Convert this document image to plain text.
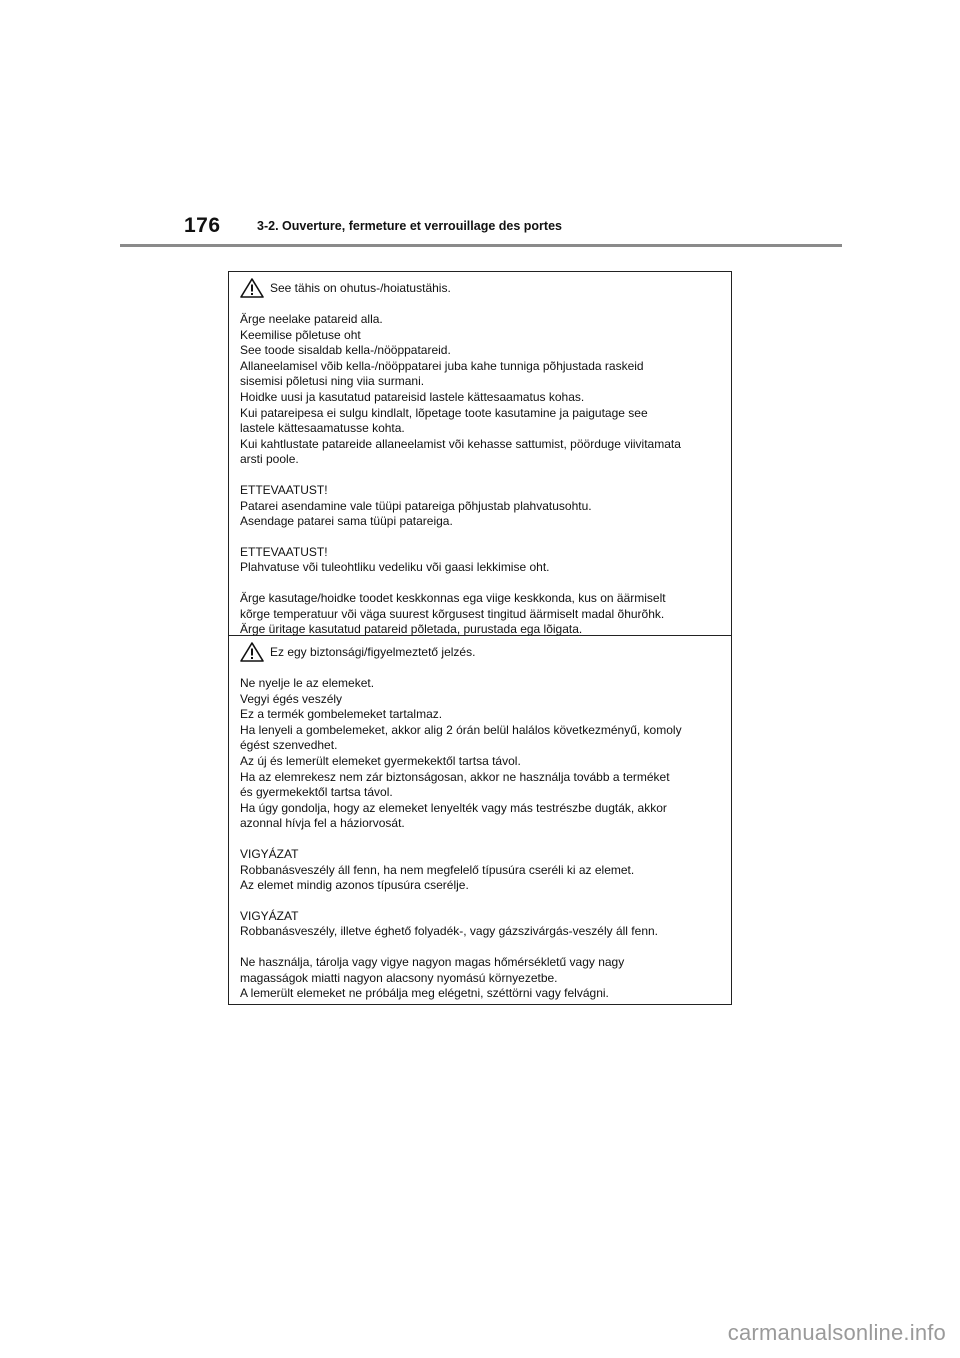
176	3-2. Ouverture, fermeture et verrouillage des portes
See tähis on ohutus-/hoiatustähis.
Ärge neelake patareid alla.
Keemilise põletuse oht
See toode sisaldab kella-/nööppatareid.
Allaneelamisel võib kella-/nööppatarei juba kahe tunniga põhjustada raskeid
sisemisi põletusi ning viia surmani.
Hoidke uusi ja kasutatud patareisid lastele kättesaamatus kohas.
Kui patareipesa ei sulgu kindlalt, lõpetage toote kasutamine ja paigutage see
lastele kättesaamatusse kohta.
Kui kahtlustate patareide allaneelamist või kehasse sattumist, pöörduge viivitamata
arsti poole.
ETTEVAATUST!
Patarei asendamine vale tüüpi patareiga põhjustab plahvatusohtu.
Asendage patarei sama tüüpi patareiga.
ETTEVAATUST!
Plahvatuse või tuleohtliku vedeliku või gaasi lekkimise oht.
Ärge kasutage/hoidke toodet keskkonnas ega viige keskkonda, kus on äärmiselt
kõrge temperatuur või väga suurest kõrgusest tingitud äärmiselt madal õhurõhk.
Ärge üritage kasutatud patareid põletada, purustada ega lõigata.
Ez egy biztonsági/figyelmeztető jelzés.
Ne nyelje le az elemeket.
Vegyi égés veszély
Ez a termék gombelemeket tartalmaz.
Ha lenyeli a gombelemeket, akkor alig 2 órán belül halálos következményű, komoly
égést szenvedhet.
Az új és lemerült elemeket gyermekektől tartsa távol.
Ha az elemrekesz nem zár biztonságosan, akkor ne használja tovább a terméket
és gyermekektől tartsa távol.
Ha úgy gondolja, hogy az elemeket lenyelték vagy más testrészbe dugták, akkor
azonnal hívja fel a háziorvosát.
VIGYÁZAT
Robbanásveszély áll fenn, ha nem megfelelő típusúra cseréli ki az elemet.
Az elemet mindig azonos típusúra cserélje.
VIGYÁZAT
Robbanásveszély, illetve éghető folyadék-, vagy gázszivárgás-veszély áll fenn.
Ne használja, tárolja vagy vigye nagyon magas hőmérsékletű vagy nagy
magasságok miatti nagyon alacsony nyomású környezetbe.
A lemerült elemeket ne próbálja meg elégetni, széttörni vagy felvágni.
carmanualsonline.info
